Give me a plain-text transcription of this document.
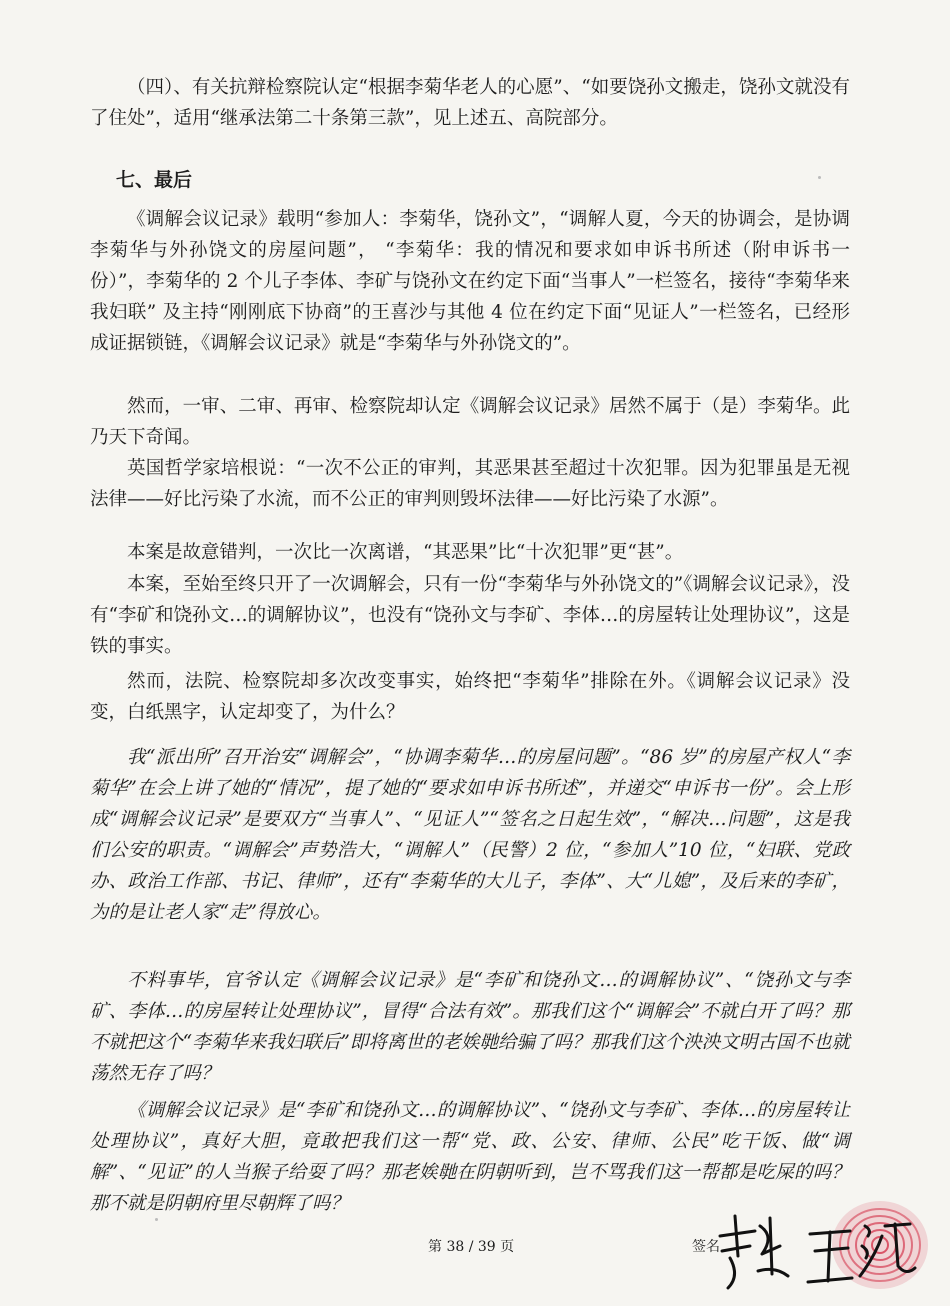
（四）、有关抗辩检察院认定“根据李菊华老人的心愿”、“如要饶孙文搬走，饶孙文就没有了住处”，适用“继承法第二十条第三款”，见上述五、高院部分。

七、最后

《调解会议记录》载明“参加人：李菊华，饶孙文”，“调解人夏，今天的协调会，是协调李菊华与外孙饶文的房屋问题”， “李菊华：我的情况和要求如申诉书所述（附申诉书一份）”，李菊华的 2 个儿子李体、李矿与饶孙文在约定下面“当事人”一栏签名，接待“李菊华来我妇联” 及主持“刚刚底下协商”的王喜沙与其他 4 位在约定下面“见证人”一栏签名，已经形成证据锁链，《调解会议记录》就是“李菊华与外孙饶文的”。

然而，一审、二审、再审、检察院却认定《调解会议记录》居然不属于（是）李菊华。此乃天下奇闻。

英国哲学家培根说：“一次不公正的审判，其恶果甚至超过十次犯罪。因为犯罪虽是无视法律——好比污染了水流，而不公正的审判则毁坏法律——好比污染了水源”。

本案是故意错判，一次比一次离谱，“其恶果”比“十次犯罪”更“甚”。

本案，至始至终只开了一次调解会，只有一份“李菊华与外孙饶文的”《调解会议记录》，没有“李矿和饶孙文…的调解协议”，也没有“饶孙文与李矿、李体…的房屋转让处理协议”，这是铁的事实。

然而，法院、检察院却多次改变事实，始终把“李菊华”排除在外。《调解会议记录》没变，白纸黑字，认定却变了，为什么？

我“派出所”召开治安“调解会”，“协调李菊华…的房屋问题”。“86 岁”的房屋产权人“李菊华”在会上讲了她的“情况”，提了她的“要求如申诉书所述”，并递交“申诉书一份”。会上形成“调解会议记录”是要双方“当事人”、“见证人”“签名之日起生效”，“解决…问题”，这是我们公安的职责。“调解会”声势浩大，“调解人”（民警）2 位，“参加人”10 位，“妇联、党政办、政治工作部、书记、律师”，还有“李菊华的大儿子，李体”、大“儿媳”，及后来的李矿，为的是让老人家“走”得放心。

不料事毕，官爷认定《调解会议记录》是“李矿和饶孙文…的调解协议”、“饶孙文与李矿、李体…的房屋转让处理协议”，冒得“合法有效”。那我们这个“调解会”不就白开了吗？那不就把这个“李菊华来我妇联后”即将离世的老娭毑给骗了吗？那我们这个泱泱文明古国不也就荡然无存了吗？

《调解会议记录》是“李矿和饶孙文…的调解协议”、“饶孙文与李矿、李体…的房屋转让处理协议”，真好大胆，竟敢把我们这一帮“党、政、公安、律师、公民”吃干饭、做“调解”、“见证”的人当猴子给耍了吗？那老娭毑在阴朝听到，岂不骂我们这一帮都是吃屎的吗？那不就是阴朝府里尽朝辉了吗？

第 38 / 39 页	签名
